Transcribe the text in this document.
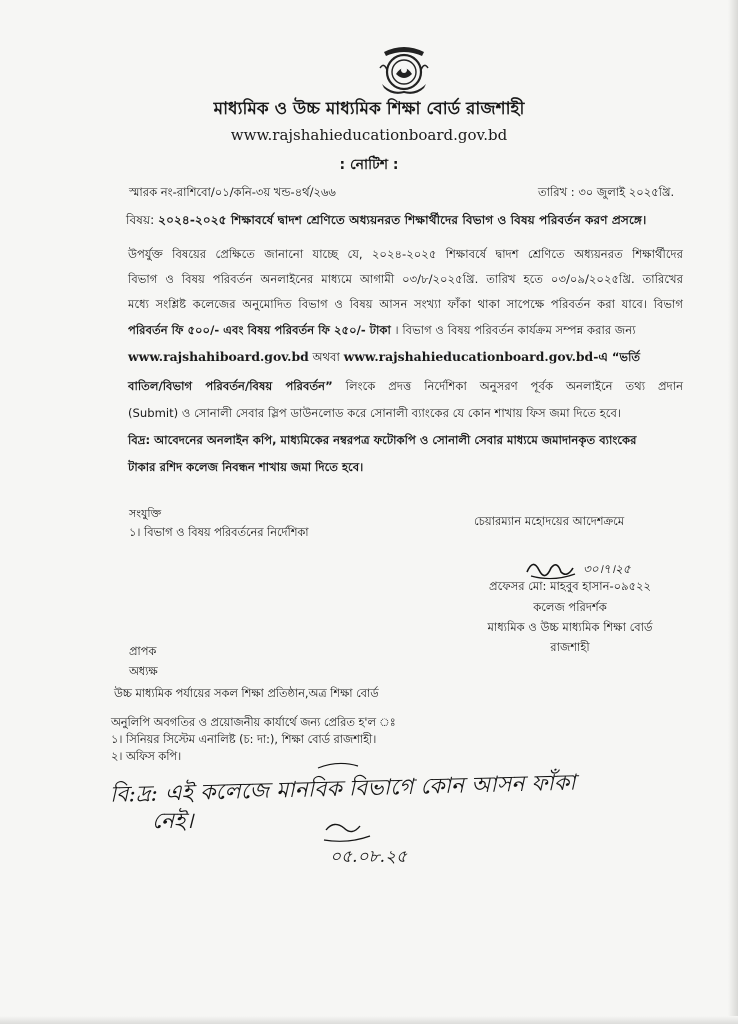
মাধ্যমিক ও উচ্চ মাধ্যমিক শিক্ষা বোর্ড রাজশাহী
www.rajshahieducationboard.gov.bd
: নোটিশ :
স্মারক নং-রাশিবো/০১/কনি-৩য় খন্ড-৪র্থ/২৬৬	তারিখ : ৩০ জুলাই ২০২৫খ্রি.
বিষয়: ২০২৪-২০২৫ শিক্ষাবর্ষে দ্বাদশ শ্রেণিতে অধ্যয়নরত শিক্ষার্থীদের বিভাগ ও বিষয় পরিবর্তন করণ প্রসঙ্গে।
উপর্যুক্ত বিষয়ের প্রেক্ষিতে জানানো যাচ্ছে যে, ২০২৪-২০২৫ শিক্ষাবর্ষে দ্বাদশ শ্রেণিতে অধ্যয়নরত শিক্ষার্থীদের
বিভাগ ও বিষয় পরিবর্তন অনলাইনের মাধ্যমে আগামী ০৩/৮/২০২৫খ্রি. তারিখ হতে ০৩/০৯/২০২৫খ্রি. তারিখের
মধ্যে সংশ্লিষ্ট কলেজের অনুমোদিত বিভাগ ও বিষয় আসন সংখ্যা ফাঁকা থাকা সাপেক্ষে পরিবর্তন করা যাবে। বিভাগ
পরিবর্তন ফি ৫০০/- এবং বিষয় পরিবর্তন ফি ২৫০/- টাকা । বিভাগ ও বিষয় পরিবর্তন কার্যক্রম সম্পন্ন করার জন্য
www.rajshahiboard.gov.bd অথবা www.rajshahieducationboard.gov.bd-এ “ভর্তি
বাতিল/বিভাগ পরিবর্তন/বিষয় পরিবর্তন” লিংকে প্রদত্ত নির্দেশিকা অনুসরণ পূর্বক অনলাইনে তথ্য প্রদান
(Submit) ও সোনালী সেবার স্লিপ ডাউনলোড করে সোনালী ব্যাংকের যে কোন শাখায় ফিস জমা দিতে হবে।
বিদ্র: আবেদনের অনলাইন কপি, মাধ্যমিকের নম্বরপত্র ফটোকপি ও সোনালী সেবার মাধ্যমে জমাদানকৃত ব্যাংকের
টাকার রশিদ কলেজ নিবন্ধন শাখায় জমা দিতে হবে।
সংযুক্তি
১। বিভাগ ও বিষয় পরিবর্তনের নির্দেশিকা
চেয়ারম্যান মহোদয়ের আদেশক্রমে
৩০।৭।২৫
প্রফেসর মো: মাহবুব হাসান-০৯৫২২
কলেজ পরিদর্শক
মাধ্যমিক ও উচ্চ মাধ্যমিক শিক্ষা বোর্ড
রাজশাহী
প্রাপক
অধ্যক্ষ
উচ্চ মাধ্যমিক পর্যায়ের সকল শিক্ষা প্রতিষ্ঠান,অত্র শিক্ষা বোর্ড
অনুলিপি অবগতির ও প্রয়োজনীয় কার্যার্থে জন্য প্রেরিত হ'ল ঃ
১। সিনিয়র সিস্টেম এনালিষ্ট (চ: দা:), শিক্ষা বোর্ড রাজশাহী।
২। অফিস কপি।
বি:দ্র: এই কলেজে মানবিক বিভাগে কোন আসন ফাঁকা
নেই।
০৫.০৮.২৫
